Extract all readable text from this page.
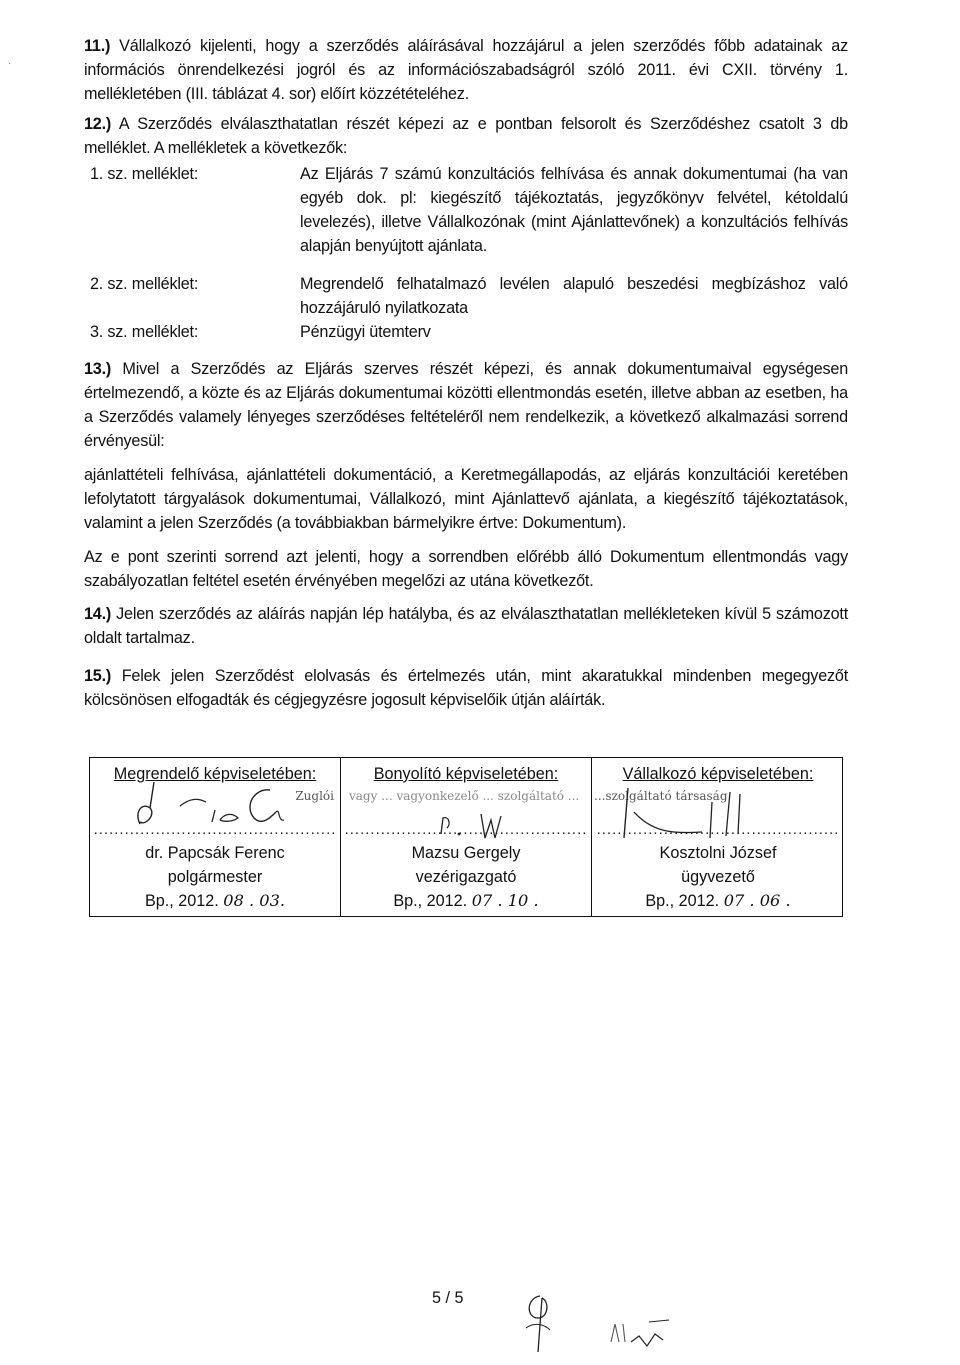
·
11.) Vállalkozó kijelenti, hogy a szerződés aláírásával hozzájárul a jelen szerződés főbb adatainak az információs önrendelkezési jogról és az információszabadságról szóló 2011. évi CXII. törvény 1. mellékletében (III. táblázat 4. sor) előírt közzétételéhez.
12.) A Szerződés elválaszthatatlan részét képezi az e pontban felsorolt és Szerződéshez csatolt 3 db melléklet. A mellékletek a következők:
1. sz. melléklet:	Az Eljárás 7 számú konzultációs felhívása és annak dokumentumai (ha van egyéb dok. pl: kiegészítő tájékoztatás, jegyzőkönyv felvétel, kétoldalú levelezés), illetve Vállalkozónak (mint Ajánlattevőnek) a konzultációs felhívás alapján benyújtott ajánlata.
2. sz. melléklet:	Megrendelő felhatalmazó levélen alapuló beszedési megbízáshoz való hozzájáruló nyilatkozata
3. sz. melléklet:	Pénzügyi ütemterv
13.) Mivel a Szerződés az Eljárás szerves részét képezi, és annak dokumentumaival egységesen értelmezendő, a közte és az Eljárás dokumentumai közötti ellentmondás esetén, illetve abban az esetben, ha a Szerződés valamely lényeges szerződéses feltételéről nem rendelkezik, a következő alkalmazási sorrend érvényesül:
ajánlattételi felhívása, ajánlattételi dokumentáció, a Keretmegállapodás, az eljárás konzultációi keretében lefolytatott tárgyalások dokumentumai, Vállalkozó, mint Ajánlattevő ajánlata, a kiegészítő tájékoztatások, valamint a jelen Szerződés (a továbbiakban bármelyikre értve: Dokumentum).
Az e pont szerinti sorrend azt jelenti, hogy a sorrendben előrébb álló Dokumentum ellentmondás vagy szabályozatlan feltétel esetén érvényében megelőzi az utána következőt.
14.) Jelen szerződés az aláírás napján lép hatályba, és az elválaszthatatlan mellékleteken kívül 5 számozott oldalt tartalmaz.
15.) Felek jelen Szerződést elolvasás és értelmezés után, mint akaratukkal mindenben megegyezőt kölcsönösen elfogadták és cégjegyzésre jogosult képviselőik útján aláírták.
Megrendelő képviseletében:
Zuglói
...............................................
dr. Papcsák Ferenc
polgármester
Bp., 2012. 08 . 03.
Bonyolító képviseletében:
vagy ... vagyonkezelő ... szolgáltató ...
...............................................
Mazsu Gergely
vezérigazgató
Bp., 2012. 07 . 10 .
Vállalkozó képviseletében:
...szolgáltató társaság
...............................................
Kosztolni József
ügyvezető
Bp., 2012. 07 . 06 .
5 / 5
